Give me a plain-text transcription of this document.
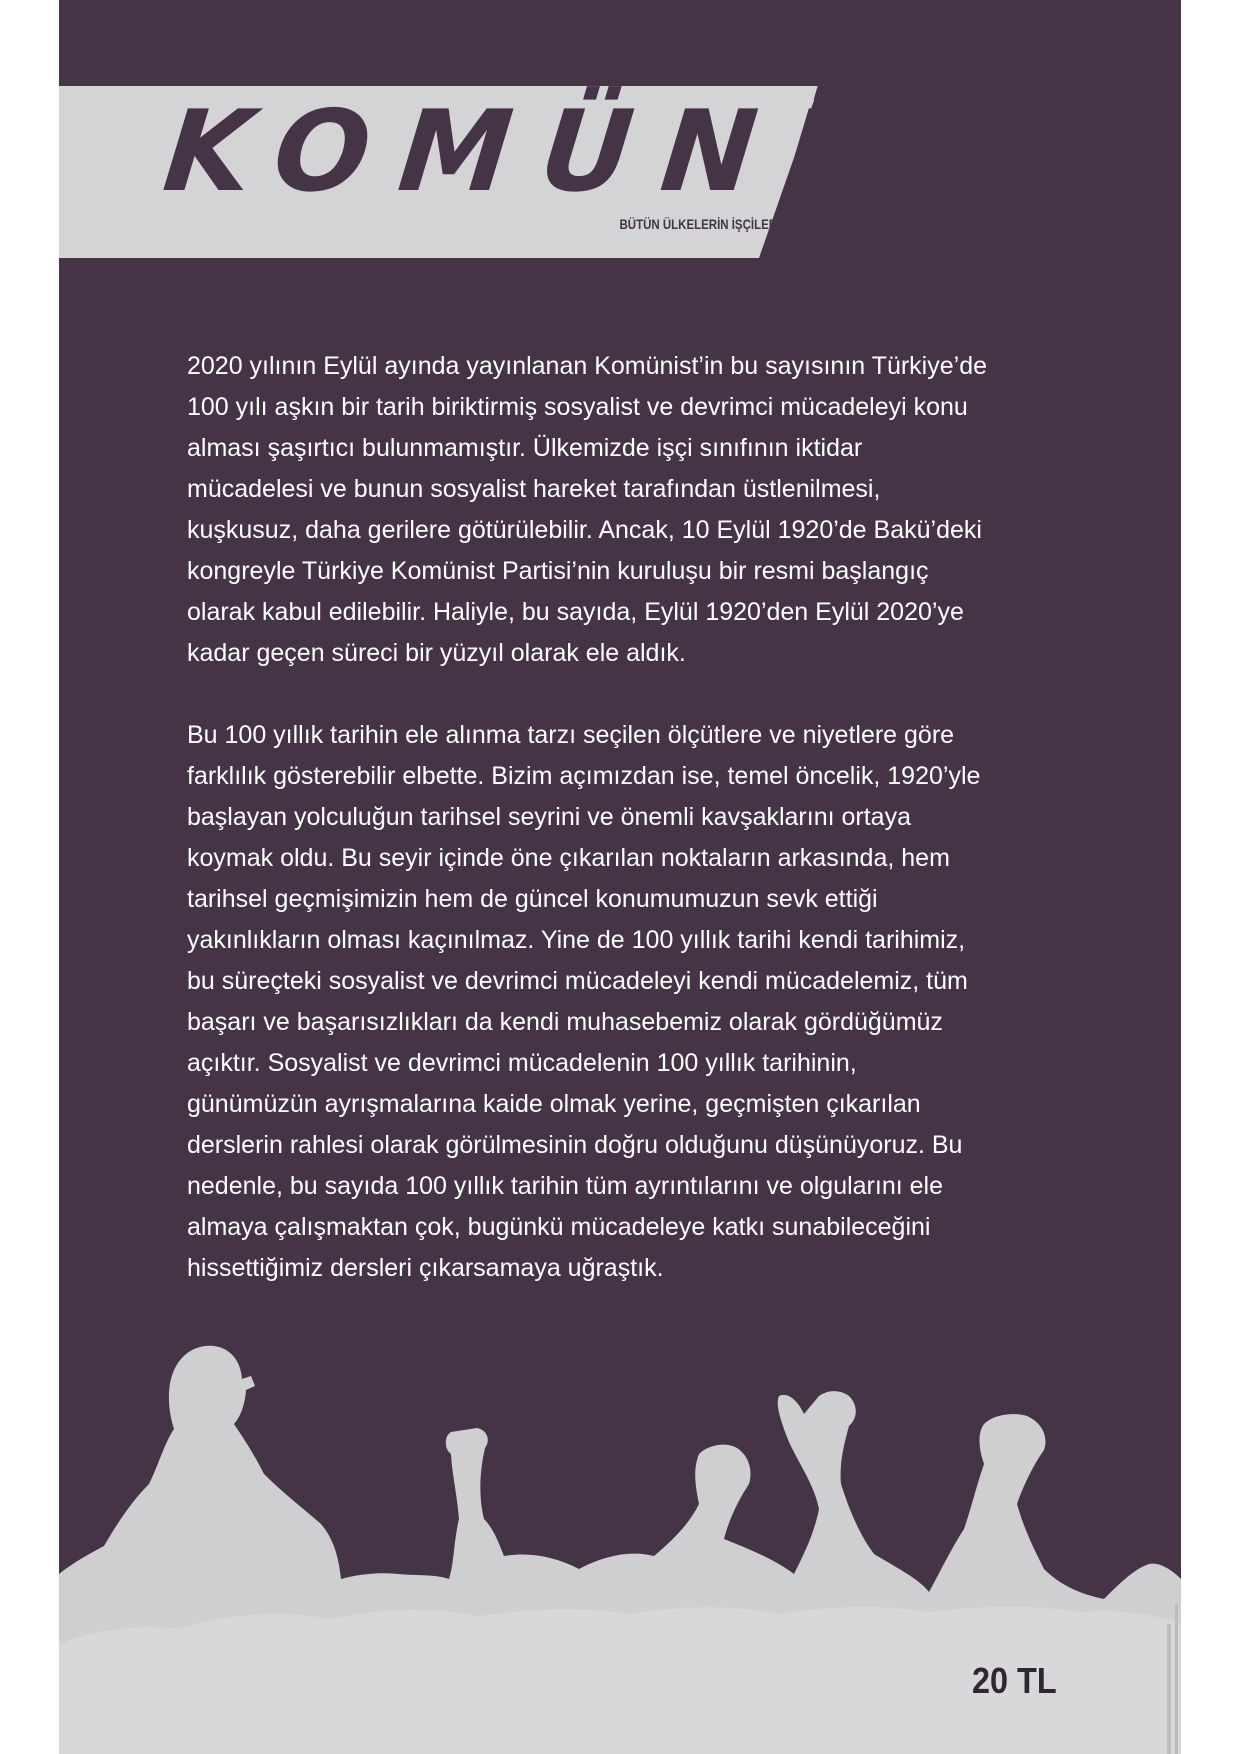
KOMÜNİST
BÜTÜN ÜLKELERİN İŞÇİLERİ, BİRLEŞİN!

2020 yılının Eylül ayında yayınlanan Komünist’in bu sayısının Türkiye’de
100 yılı aşkın bir tarih biriktirmiş sosyalist ve devrimci mücadeleyi konu
alması şaşırtıcı bulunmamıştır. Ülkemizde işçi sınıfının iktidar
mücadelesi ve bunun sosyalist hareket tarafından üstlenilmesi,
kuşkusuz, daha gerilere götürülebilir. Ancak, 10 Eylül 1920’de Bakü’deki
kongreyle Türkiye Komünist Partisi’nin kuruluşu bir resmi başlangıç
olarak kabul edilebilir. Haliyle, bu sayıda, Eylül 1920’den Eylül 2020’ye
kadar geçen süreci bir yüzyıl olarak ele aldık.

Bu 100 yıllık tarihin ele alınma tarzı seçilen ölçütlere ve niyetlere göre
farklılık gösterebilir elbette. Bizim açımızdan ise, temel öncelik, 1920’yle
başlayan yolculuğun tarihsel seyrini ve önemli kavşaklarını ortaya
koymak oldu. Bu seyir içinde öne çıkarılan noktaların arkasında, hem
tarihsel geçmişimizin hem de güncel konumumuzun sevk ettiği
yakınlıkların olması kaçınılmaz. Yine de 100 yıllık tarihi kendi tarihimiz,
bu süreçteki sosyalist ve devrimci mücadeleyi kendi mücadelemiz, tüm
başarı ve başarısızlıkları da kendi muhasebemiz olarak gördüğümüz
açıktır. Sosyalist ve devrimci mücadelenin 100 yıllık tarihinin,
günümüzün ayrışmalarına kaide olmak yerine, geçmişten çıkarılan
derslerin rahlesi olarak görülmesinin doğru olduğunu düşünüyoruz. Bu
nedenle, bu sayıda 100 yıllık tarihin tüm ayrıntılarını ve olgularını ele
almaya çalışmaktan çok, bugünkü mücadeleye katkı sunabileceğini
hissettiğimiz dersleri çıkarsamaya uğraştık.

20 TL
